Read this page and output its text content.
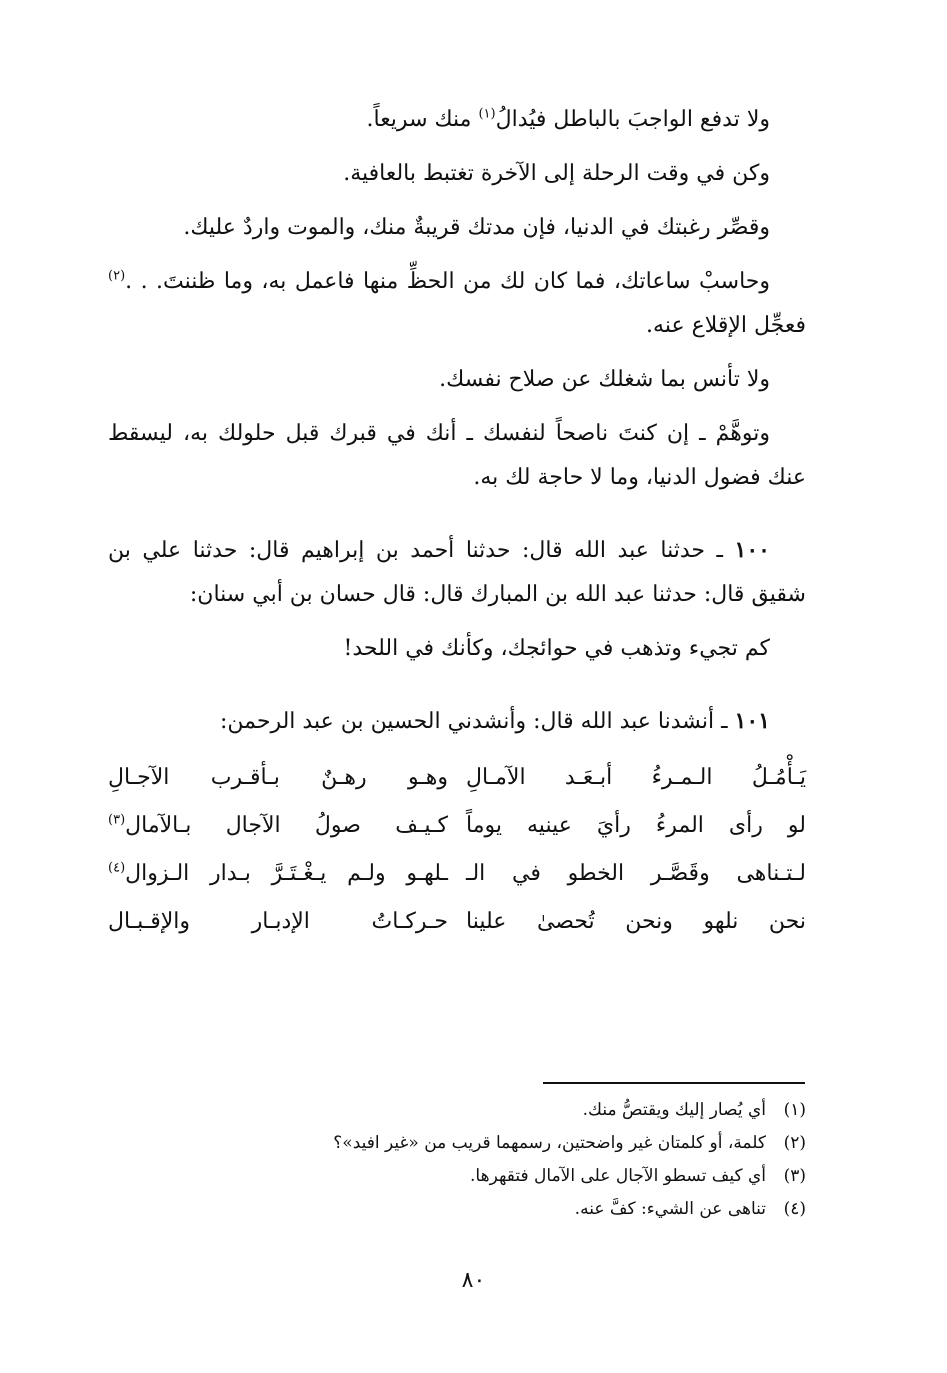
ولا تدفع الواجبَ بالباطل فيُدالُ$^{(١)}$ منك سريعاً.

وكن في وقت الرحلة إلى الآخرة تغتبط بالعافية.

وقصِّر رغبتك في الدنيا، فإن مدتك قريبةٌ منك، والموت واردٌ عليك.

وحاسبْ ساعاتك، فما كان لك من الحظِّ منها فاعمل به، وما ظننتَ. . .$^{(٢)}$ فعجِّل الإقلاع عنه.

ولا تأنس بما شغلك عن صلاح نفسك.

وتوهَّمْ ـ إن كنتَ ناصحاً لنفسك ـ أنك في قبرك قبل حلولك به، ليسقط عنك فضول الدنيا، وما لا حاجة لك به.

١٠٠ ـ حدثنا عبد الله قال: حدثنا أحمد بن إبراهيم قال: حدثنا علي بن شقيق قال: حدثنا عبد الله بن المبارك قال: قال حسان بن أبي سنان:

كم تجيء وتذهب في حوائجك، وكأنك في اللحد!

١٠١ ـ أنشدنا عبد الله قال: وأنشدني الحسين بن عبد الرحمن:

يَـأْمُـلُ الـمـرءُ أبـعَـد الآمـالِ
وهـو رهـنٌ بـأقـرب الآجـالِ
لو رأى المرءُ رأيَ عينيه يوماً
كـيـف صولُ الآجال بـالآمال$^{(٣)}$
لـتـناهى وقَصَّـر الخطو في الـ
ـلهـو ولـم يـغْـتَـرَّ بـدار الـزوال$^{(٤)}$
نحن نلهو ونحن تُحصىٰ علينا
حـركـاتُ الإدبـار والإقـبـال
(١)
أي يُصار إليك ويقتصُّ منك.
(٢)
كلمة، أو كلمتان غير واضحتين، رسمهما قريب من «غير افيد»؟
(٣)
أي كيف تسطو الآجال على الآمال فتقهرها.
(٤)
تناهى عن الشيء: كفَّ عنه.
٨٠
